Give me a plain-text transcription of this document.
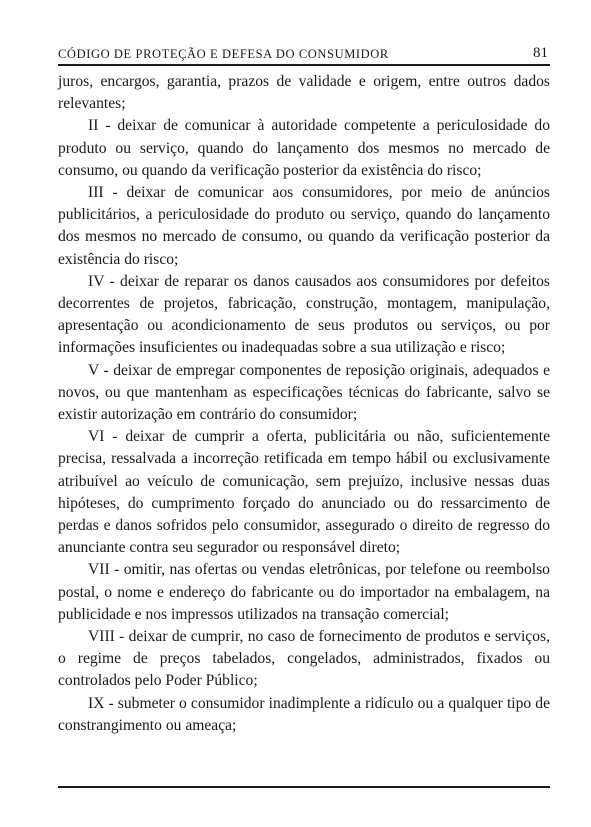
CÓDIGO DE PROTEÇÃO E DEFESA DO CONSUMIDOR	81

juros, encargos, garantia, prazos de validade e origem, entre outros dados relevantes;

II - deixar de comunicar à autoridade competente a periculosidade do produto ou serviço, quando do lançamento dos mesmos no mercado de consumo, ou quando da verificação posterior da existência do risco;

III - deixar de comunicar aos consumidores, por meio de anúncios publicitários, a periculosidade do produto ou serviço, quando do lançamento dos mesmos no mercado de consumo, ou quando da verificação posterior da existência do risco;

IV - deixar de reparar os danos causados aos consumidores por defeitos decorrentes de projetos, fabricação, construção, montagem, manipulação, apresentação ou acondicionamento de seus produtos ou serviços, ou por informações insuficientes ou inadequadas sobre a sua utilização e risco;

V - deixar de empregar componentes de reposição originais, adequados e novos, ou que mantenham as especificações técnicas do fabricante, salvo se existir autorização em contrário do consumidor;

VI - deixar de cumprir a oferta, publicitária ou não, suficientemente precisa, ressalvada a incorreção retificada em tempo hábil ou exclusivamente atribuível ao veículo de comunicação, sem prejuízo, inclusive nessas duas hipóteses, do cumprimento forçado do anunciado ou do ressarcimento de perdas e danos sofridos pelo consumidor, assegurado o direito de regresso do anunciante contra seu segurador ou responsável direto;

VII - omitir, nas ofertas ou vendas eletrônicas, por telefone ou reembolso postal, o nome e endereço do fabricante ou do importador na embalagem, na publicidade e nos impressos utilizados na transação comercial;

VIII - deixar de cumprir, no caso de fornecimento de produtos e serviços, o regime de preços tabelados, congelados, administrados, fixados ou controlados pelo Poder Público;

IX - submeter o consumidor inadimplente a ridículo ou a qualquer tipo de constrangimento ou ameaça;
